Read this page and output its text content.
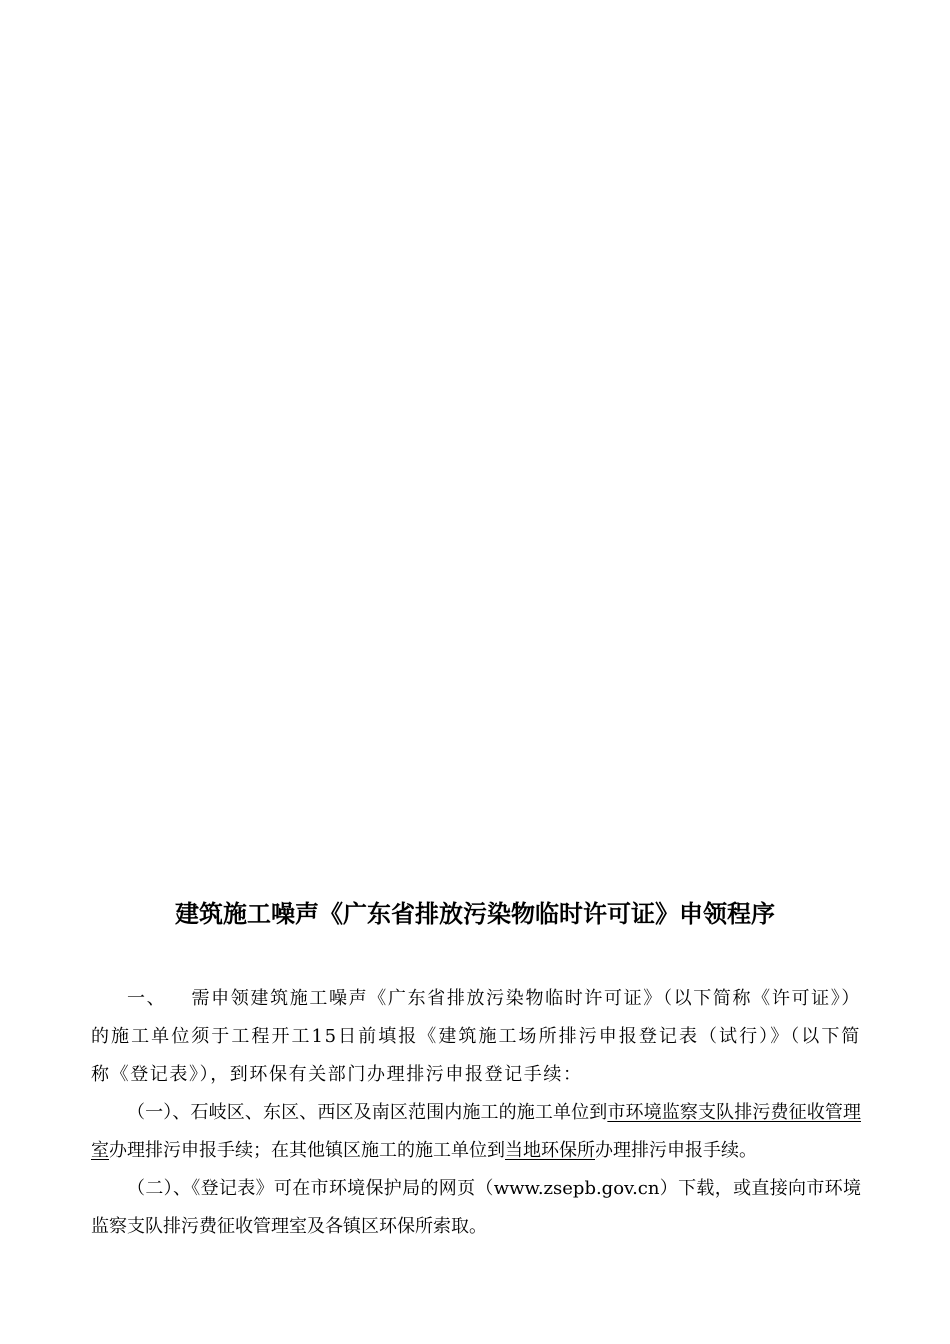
建筑施工噪声《广东省排放污染物临时许可证》申领程序

一、 需申领建筑施工噪声《广东省排放污染物临时许可证》（以下简称《许可证》）的施工单位须于工程开工15日前填报《建筑施工场所排污申报登记表（试行）》（以下简称《登记表》），到环保有关部门办理排污申报登记手续：

（一）、石岐区、东区、西区及南区范围内施工的施工单位到市环境监察支队排污费征收管理室办理排污申报手续；在其他镇区施工的施工单位到当地环保所办理排污申报手续。

（二）、《登记表》可在市环境保护局的网页（www.zsepb.gov.cn）下载，或直接向市环境监察支队排污费征收管理室及各镇区环保所索取。
